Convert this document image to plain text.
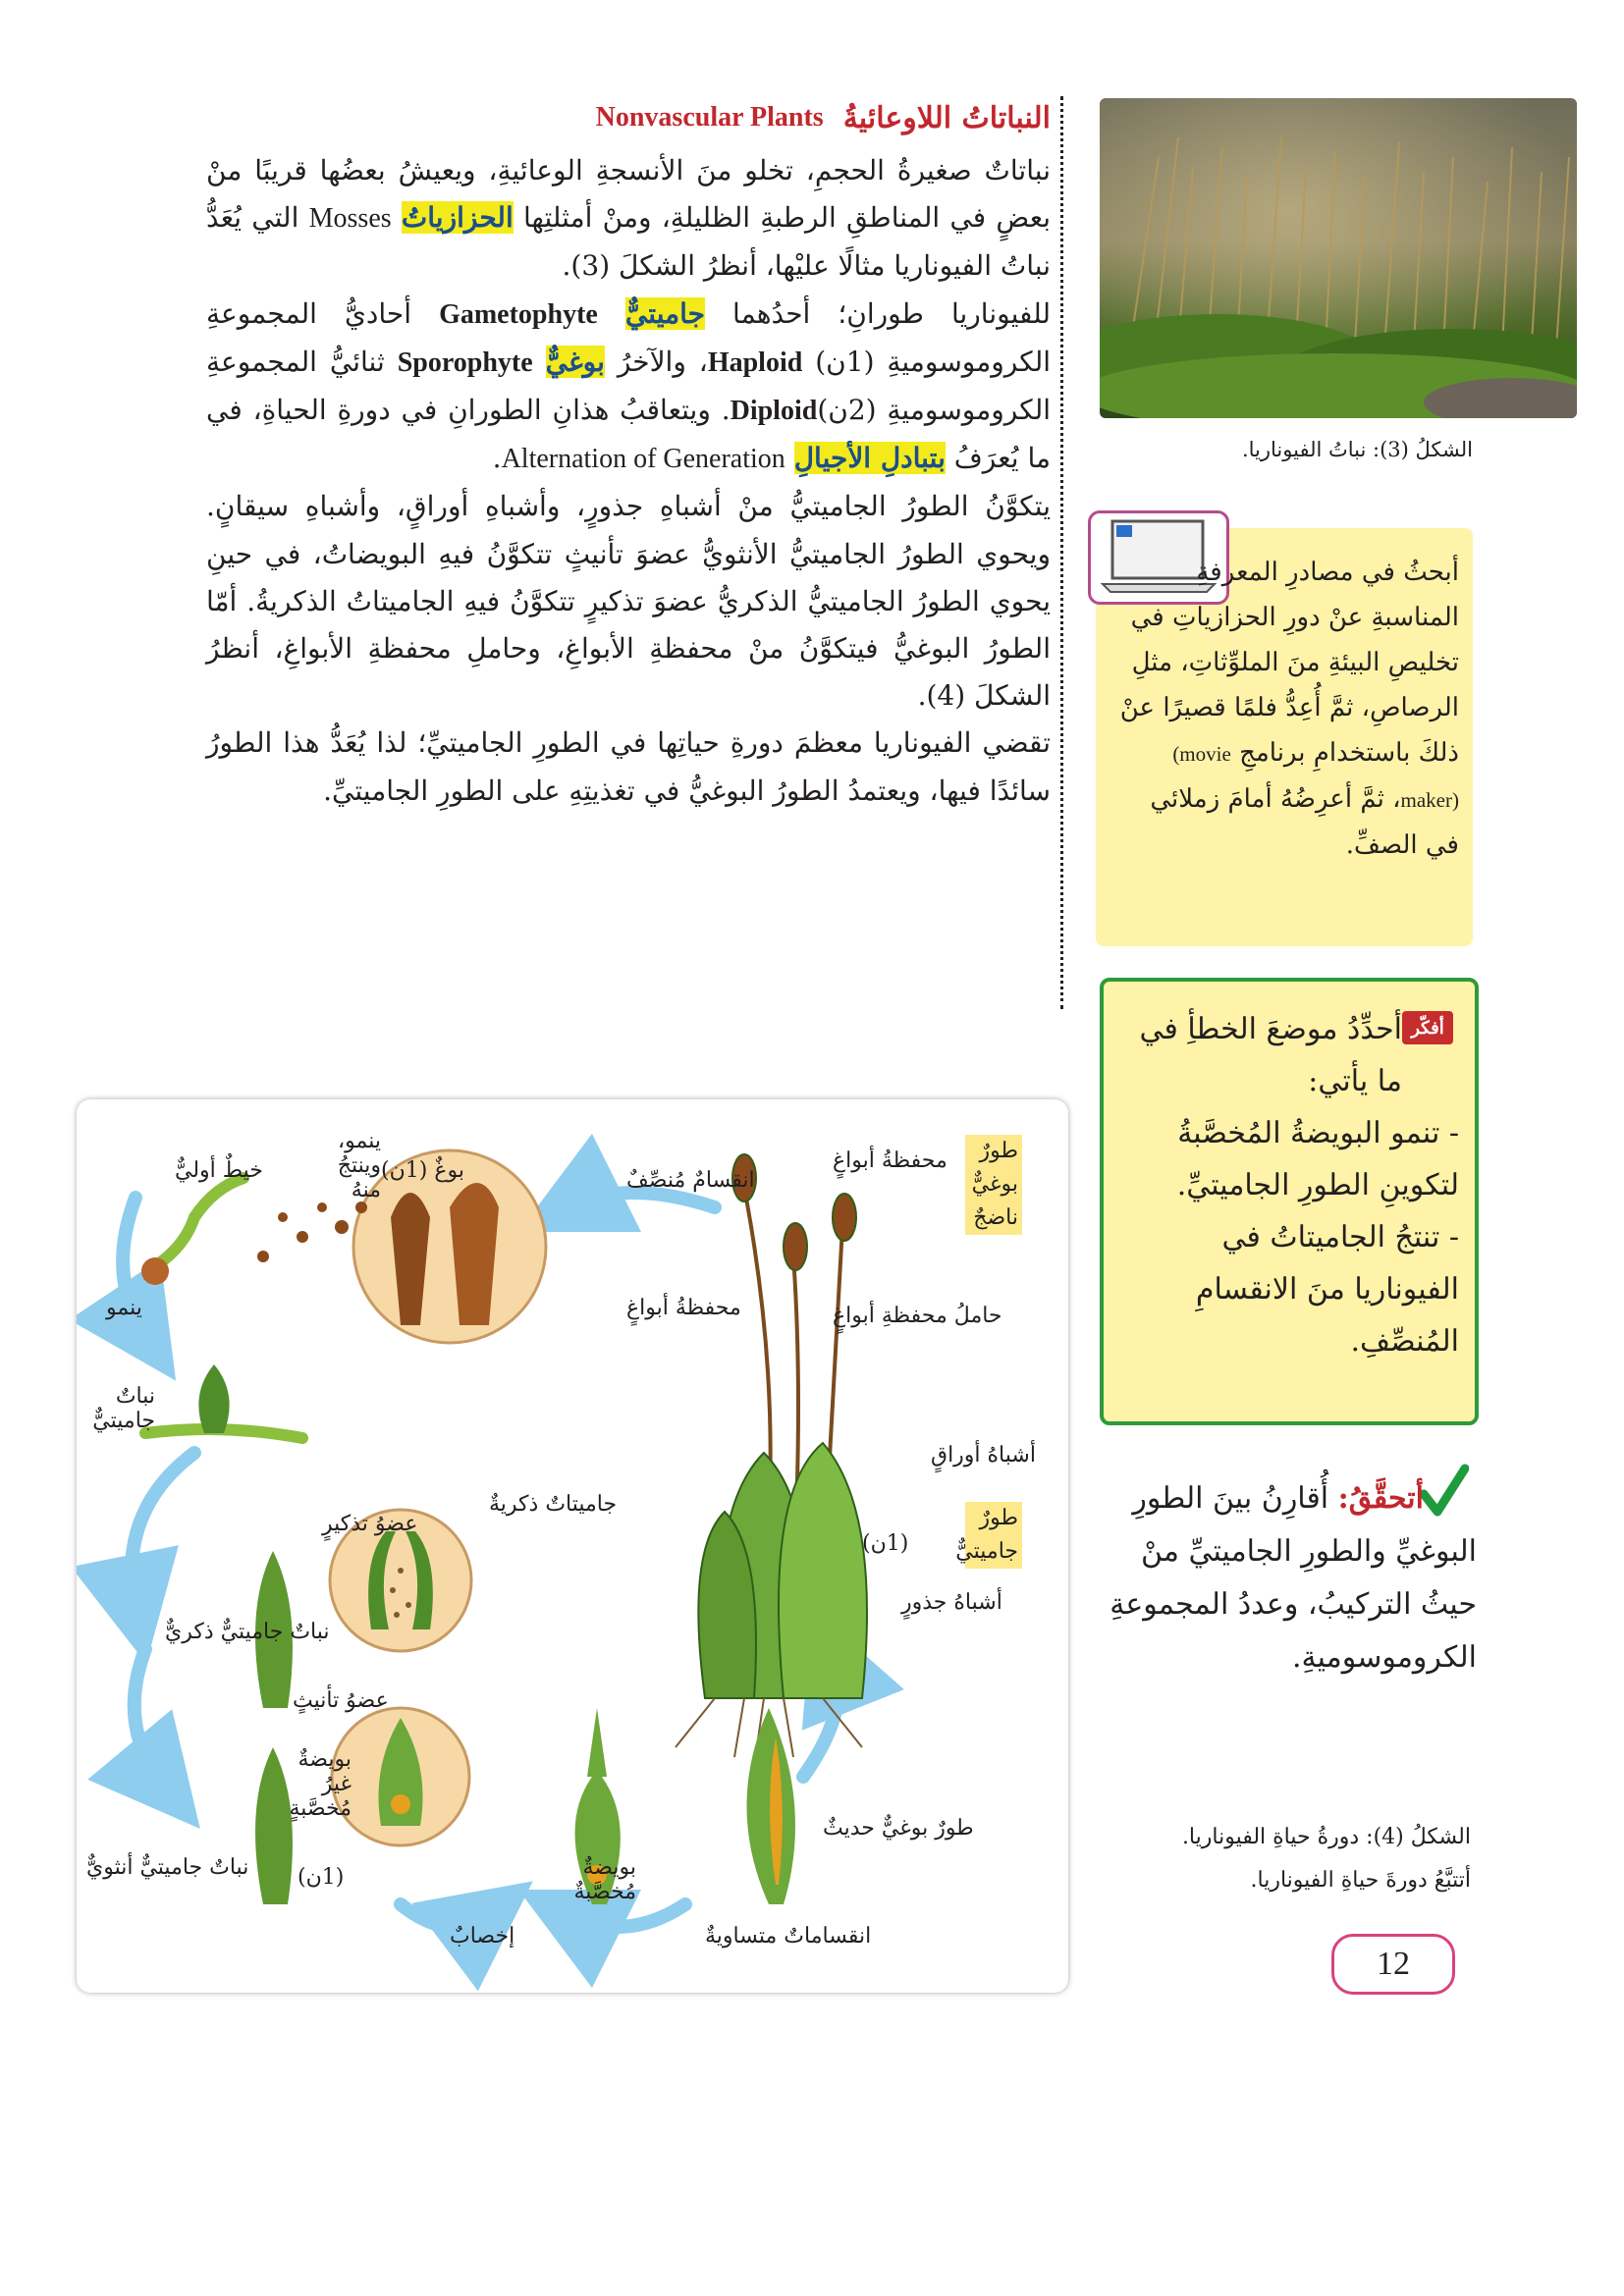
Nonvascular Plants النباتاتُ اللاوعائيةُ

نباتاتٌ صغيرةُ الحجمِ، تخلو منَ الأنسجةِ الوعائيةِ، ويعيشُ بعضُها قريبًا منْ بعضٍ في المناطقِ الرطبةِ الظليلةِ، ومنْ أمثلتِها الحزازياتُ Mosses التي يُعَدُّ نباتُ الفيوناريا مثالًا عليْها، أنظرُ الشكلَ (3).

للفيوناريا طورانِ؛ أحدُهما جاميتيٌّ Gametophyte أحاديُّ المجموعةِ الكروموسوميةِ (1ن) Haploid، والآخرُ بوغيٌّ Sporophyte ثنائيُّ المجموعةِ الكروموسوميةِ (2ن)Diploid. ويتعاقبُ هذانِ الطورانِ في دورةِ الحياةِ، في ما يُعرَفُ بتبادلِ الأجيالِ Alternation of Generation.

يتكوَّنُ الطورُ الجاميتيُّ منْ أشباهِ جذورٍ، وأشباهِ أوراقٍ، وأشباهِ سيقانٍ. ويحوي الطورُ الجاميتيُّ الأنثويُّ عضوَ تأنيثٍ تتكوَّنُ فيهِ البويضاتُ، في حينِ يحوي الطورُ الجاميتيُّ الذكريُّ عضوَ تذكيرٍ تتكوَّنُ فيهِ الجاميتاتُ الذكريةُ. أمّا الطورُ البوغيُّ فيتكوَّنُ منْ محفظةِ الأبواغِ، وحاملِ محفظةِ الأبواغِ، أنظرُ الشكلَ (4).

تقضي الفيوناريا معظمَ دورةِ حياتِها في الطورِ الجاميتيِّ؛ لذا يُعَدُّ هذا الطورُ سائدًا فيها، ويعتمدُ الطورُ البوغيُّ في تغذيتِهِ على الطورِ الجاميتيِّ.

الشكلُ (3): نباتُ الفيوناريا.
أبحثُ في مصادرِ المعرفةِ المناسبةِ عنْ دورِ الحزازياتِ في تخليصِ البيئةِ منَ الملوِّثاتِ، مثلِ الرصاصِ، ثمَّ أُعِدُّ فلمًا قصيرًا عنْ ذلكَ باستخدامِ برنامجِ (movie maker)، ثمَّ أعرِضُهُ أمامَ زملائي في الصفِّ.
أفكّر
أحدِّدُ موضعَ الخطأِ في ما يأتي:
- تنمو البويضةُ المُخصَّبةُ لتكوينِ الطورِ الجاميتيِّ.
- تنتجُ الجاميتاتُ في الفيوناريا منَ الانقسامِ المُنصِّفِ.
أتحقَّقُ: أُقارِنُ بينَ الطورِ البوغيِّ والطورِ الجاميتيِّ منْ حيثُ التركيبُ، وعددُ المجموعةِ الكروموسوميةِ.
الشكلُ (4): دورةُ حياةِ الفيوناريا.
أتتبَّعُ دورةَ حياةِ الفيوناريا.
12
طورٌ بوغيٌّ ناضجٌ
محفظةُ أبواغٍ
انقسامٌ مُنصِّفٌ
بوغٌ (1ن)
ينمو، وينتجُ منهُ
خيطٌ أوليٌّ
محفظةُ أبواغٍ	حاملُ محفظةِ أبواغٍ
ينمو
نباتٌ جاميتيٌّ
أشباهُ أوراقٍ
طورٌ جاميتيٌّ
(1ن)
أشباهُ جذورٍ
جاميتاتٌ ذكريةٌ
عضوُ تذكيرٍ
نباتٌ جاميتيٌّ ذكريٌّ
عضوُ تأنيثٍ
بويضةٌ غيرُ مُخصَّبةٍ
نباتٌ جاميتيٌّ أنثويٌّ (1ن)
إخصابٌ
بويضةٌ مُخصَّبةٌ
انقساماتٌ متساويةٌ
طورٌ بوغيٌّ حديثٌ
